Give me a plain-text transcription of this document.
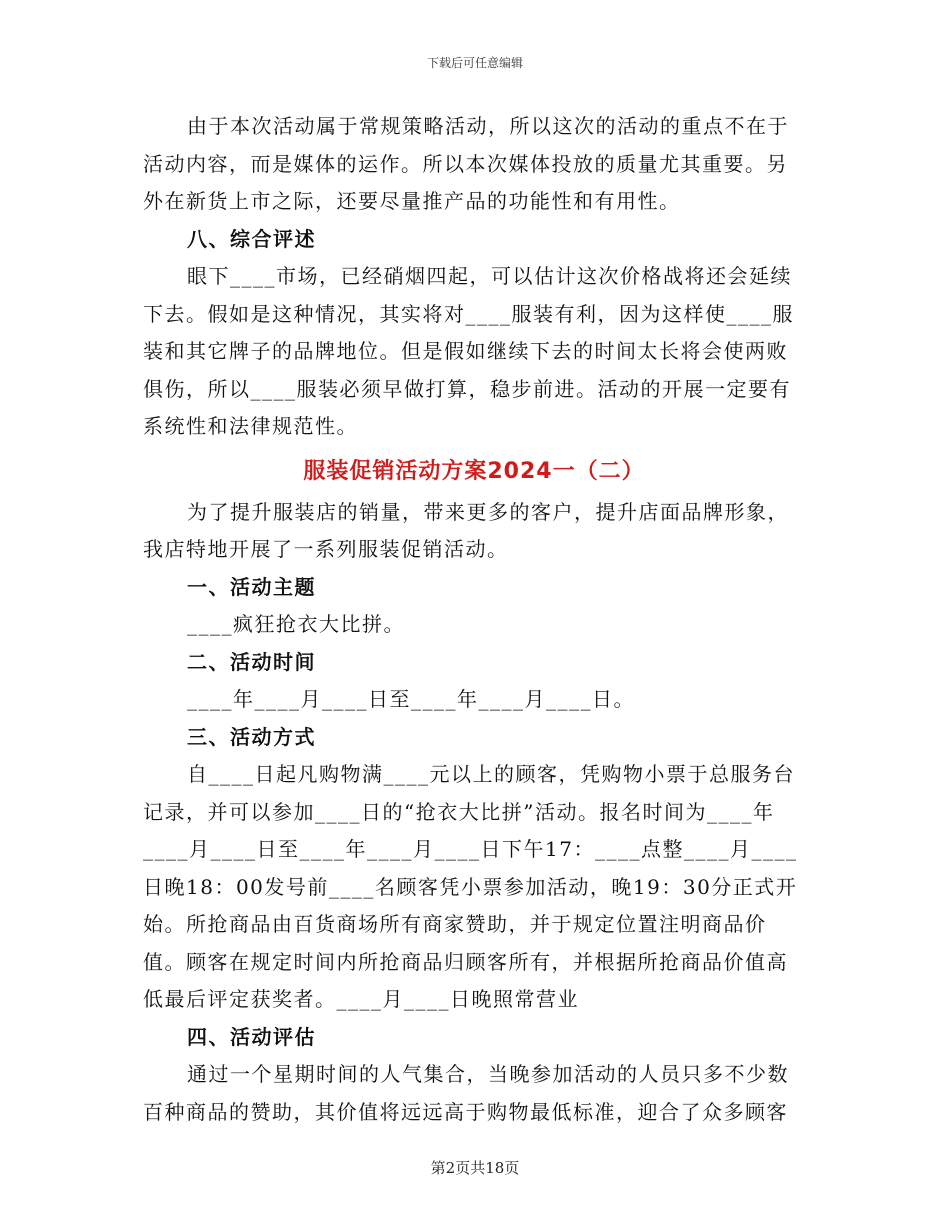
下载后可任意编辑

由于本次活动属于常规策略活动，所以这次的活动的重点不在于活动内容，而是媒体的运作。所以本次媒体投放的质量尤其重要。另外在新货上市之际，还要尽量推产品的功能性和有用性。

八、综合评述

眼下____市场，已经硝烟四起，可以估计这次价格战将还会延续下去。假如是这种情况，其实将对____服装有利，因为这样使____服装和其它牌子的品牌地位。但是假如继续下去的时间太长将会使两败俱伤，所以____服装必须早做打算，稳步前进。活动的开展一定要有系统性和法律规范性。

服装促销活动方案2024一（二）

为了提升服装店的销量，带来更多的客户，提升店面品牌形象，我店特地开展了一系列服装促销活动。

一、活动主题

____疯狂抢衣大比拼。

二、活动时间

____年____月____日至____年____月____日。

三、活动方式

自____日起凡购物满____元以上的顾客，凭购物小票于总服务台记录，并可以参加____日的“抢衣大比拼”活动。报名时间为____年____月____日至____年____月____日下午17：____点整____月____日晚18：00发号前____名顾客凭小票参加活动，晚19：30分正式开始。所抢商品由百货商场所有商家赞助，并于规定位置注明商品价值。顾客在规定时间内所抢商品归顾客所有，并根据所抢商品价值高低最后评定获奖者。____月____日晚照常营业

四、活动评估

通过一个星期时间的人气集合，当晚参加活动的人员只多不少数百种商品的赞助，其价值将远远高于购物最低标准，迎合了众多顾客

第2页共18页
